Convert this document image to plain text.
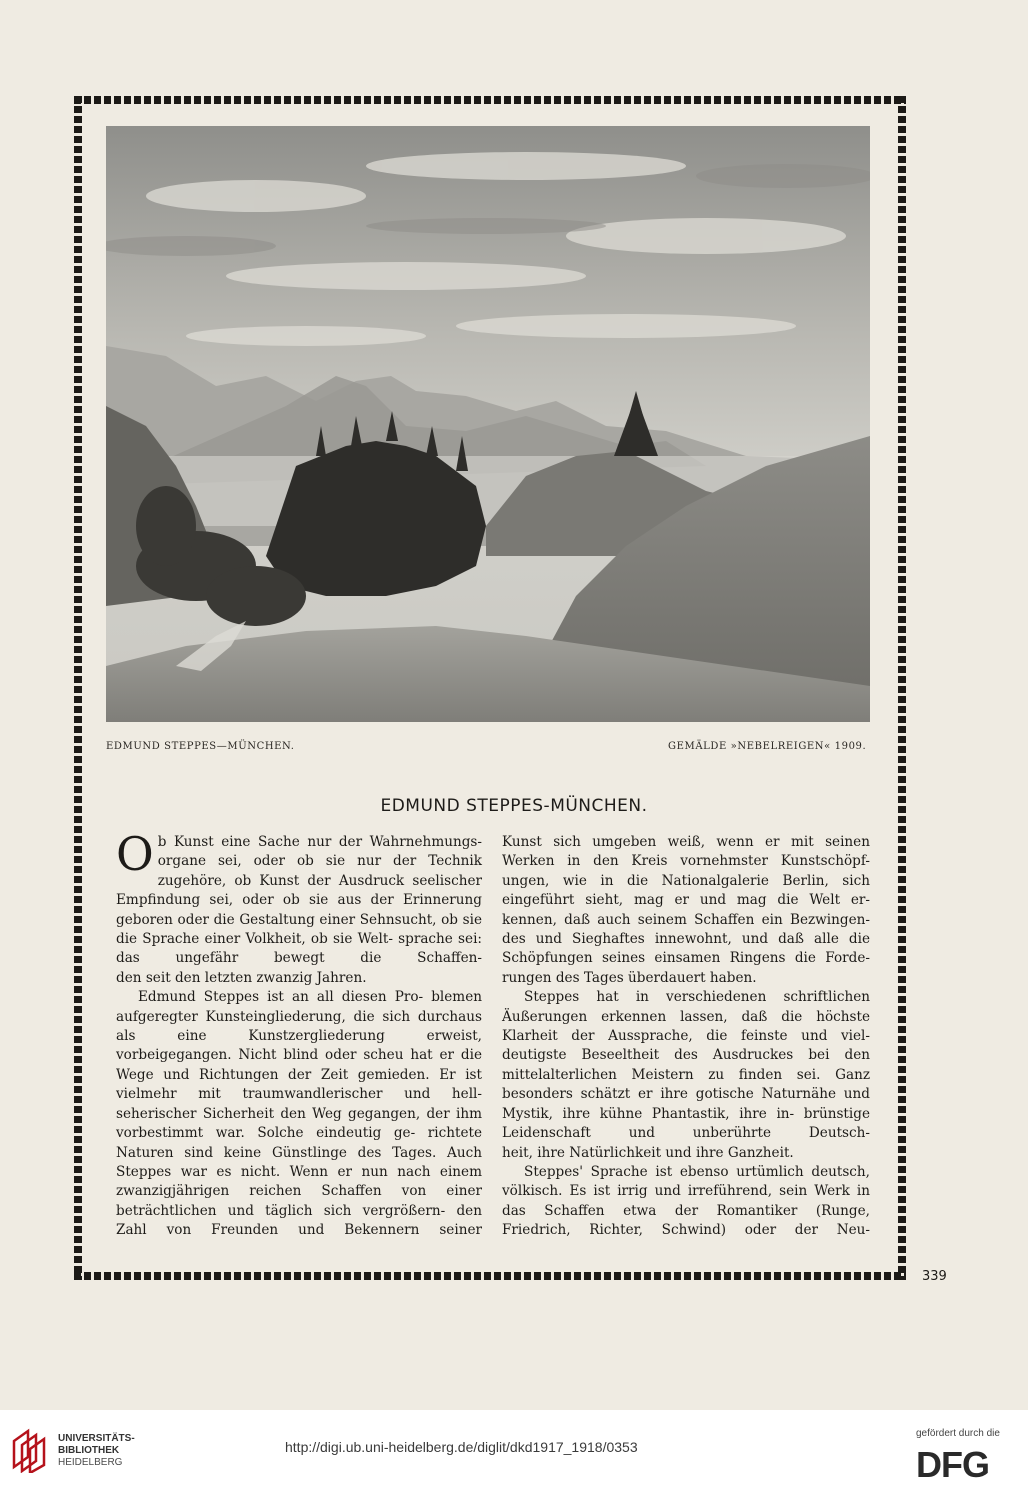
EDMUND STEPPES—MÜNCHEN.	GEMÄLDE »NEBELREIGEN« 1909.
EDMUND STEPPES-MÜNCHEN.

O b Kunst eine Sache nur der Wahrnehmungs- organe sei, oder ob sie nur der Technik zugehöre, ob Kunst der Ausdruck seelischer Empfindung sei, oder ob sie aus der Erinnerung geboren oder die Gestaltung einer Sehnsucht, ob sie die Sprache einer Volkheit, ob sie Welt- sprache sei: das ungefähr bewegt die Schaffen-

den seit den letzten zwanzig Jahren.

Edmund Steppes ist an all diesen Pro- blemen aufgeregter Kunsteingliederung, die sich durchaus als eine Kunstzergliederung erweist, vorbeigegangen. Nicht blind oder scheu hat er die Wege und Richtungen der Zeit gemieden. Er ist vielmehr mit traumwandlerischer und hell- seherischer Sicherheit den Weg gegangen, der ihm vorbestimmt war. Solche eindeutig ge- richtete Naturen sind keine Günstlinge des Tages. Auch Steppes war es nicht. Wenn er nun nach einem zwanzigjährigen reichen Schaffen von einer beträchtlichen und täglich sich vergrößern- den Zahl von Freunden und Bekennern seiner

Kunst sich umgeben weiß, wenn er mit seinen Werken in den Kreis vornehmster Kunstschöpf- ungen, wie in die Nationalgalerie Berlin, sich eingeführt sieht, mag er und mag die Welt er- kennen, daß auch seinem Schaffen ein Bezwingen- des und Sieghaftes innewohnt, und daß alle die Schöpfungen seines einsamen Ringens die Forde-

rungen des Tages überdauert haben.

Steppes hat in verschiedenen schriftlichen Äußerungen erkennen lassen, daß die höchste Klarheit der Aussprache, die feinste und viel- deutigste Beseeltheit des Ausdruckes bei den mittelalterlichen Meistern zu finden sei. Ganz besonders schätzt er ihre gotische Naturnähe und Mystik, ihre kühne Phantastik, ihre in- brünstige Leidenschaft und unberührte Deutsch-

heit, ihre Natürlichkeit und ihre Ganzheit.

Steppes' Sprache ist ebenso urtümlich deutsch, völkisch. Es ist irrig und irreführend, sein Werk in das Schaffen etwa der Romantiker (Runge, Friedrich, Richter, Schwind) oder der Neu-

339
UNIVERSITÄTS-
BIBLIOTHEK
HEIDELBERG
http://digi.ub.uni-heidelberg.de/diglit/dkd1917_1918/0353
gefördert durch die
DFG
